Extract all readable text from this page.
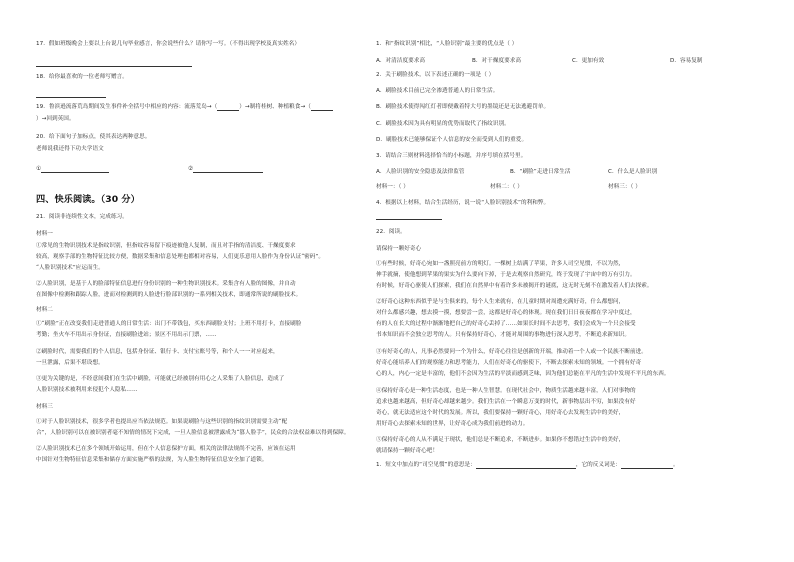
17．假如班级晚会上要以上台说几句毕业感言，你会说些什么？请你写一写。（不得出现学校及真实姓名）
18．给你最喜欢的一位老师写赠言。
19．鲁滨逊流落荒岛期间发生事件补全括号中相应的内容：流落荒岛→（	）→制将桂树、种植粮食→（
）→回到英国。
20．给下面句子加标点，使其表达两种意思。
老师说我还得下功夫学语文
①	②
四、快乐阅读。（30 分）
21．阅读非连续性文本，完成练习。
材料一
①常见的生物识别技术是指纹识别，但指纹容易留下痕迹被他人复制，而且对手指的清洁度、干燥度要求
较高，观察手部的生物特征比较方便，数据采集和信息处理也都相对容易，人们更乐意用人脸作为身份认证“密码”。
“人脸识别技术”应运而生。
②人脸识别，是基于人的脸部特征信息进行身份识别的一种生物识别技术。采集含有人脸的图像，并自动
在图像中检测和跟踪人脸，进而对检测到的人脸进行脸部识别的一系列相关技术，即通常所说的刷脸技术。
材料二
①“刷脸”正在改变我们走进普通人的日常生活：出门不带钱包，买东西刷脸支付；上班不用打卡，直接刷脸
考勤；坐火车不用出示身份证，直接刷脸进站；景区不用出示门票，……
②刷脸时代，需要我们的个人信息，包括身份证、银行卡、支付宝账号等，和个人一一对应起来，
一旦泄露，后果不堪设想。
③更为关键的是，不经意间我们在生活中刷脸，可能就已经被别有用心之人采集了人脸信息，造成了
人脸识别技术被利用来侵犯个人隐私……
材料三
①对于人脸识别技术，很多学者也提出应当依法规范。如果说刷脸与这些识别的指纹识别需要主动“配
合”，人脸识别可以在被识别者毫不知情的情况下完成，一旦人脸信息被泄露成为“篡人脸手”，民众的合法权益难以得到保障。
②人脸识别技术已在多个领域开始运用，但在个人信息保护方面，相关的法律法规尚不完善，应该在运用
中国针对生物特征信息采集和储存方面实施严格的法规，为人脸生物特征信息安全加了道锁。
1．和“指纹识别”相比，“人脸识别”最主要的优点是（ ）
A．对清洁度要求高	B．对干燥度要求高	C．更加有效	D．容易复制
2．关于刷脸技术，以下表述正确的一项是（ ）
A．刷脸技术目前已完全渗透普通人的日常生活。
B．刷脸技术使得闯红灯者即便戴着特大号的墨镜还是无法逃避罚单。
C．刷脸技术因为具有明显的优势而取代了指纹识别。
D．刷脸技术已能够保证个人信息的安全而受到人们的重爱。
3．请结合三则材料选择恰当的小标题，并序号填在括号里。
A．人脸识别的安全隐患及法律监管	B．“刷脸”走进日常生活	C．什么是人脸识别
材料一：（ ）	材料二：（ ）	材料三：（ ）
4．根据以上材料，结合生活经历，说一说“人脸识别技术”的利和弊。
22．阅读。
请保持一颗好奇心
①有些时候，好奇心宛如一盏照亮前方的明灯。一棵树上结满了苹果，许多人司空见惯，不以为然，
伸手就摘，使他想到苹果的果实为什么要向下掉，于是去观察自然研究，终于发现了宇宙中的万有引力。
有时候，好奇心驱使人们探索，我们在自然界中有着许多未被揭开的谜底，这无时无刻不在激发着人们去探索。
②好奇心这种东西似乎是与生俱来的，每个人生来就有，在儿童时期对周遭充满好奇，什么都想问，
对什么都感兴趣，想去摸一摸，想要尝一尝，这都是好奇心的体现。现在我们日日夜夜都在学习中度过，
有的人在长大的过程中渐渐地把自己的好奇心丢掉了……如果长时间不去思考，我们会成为一个只会接受
书本知识而不会独立思考的人。只有保持好奇心，才能对周围的事物进行深入思考，不断追求新知识。
③有好奇心的人，凡事必然要问一个为什么，好奇心往往是创新的开端，推动着一个人或一个民族不断前进。
好奇心能培养人们的观察能力和思考能力，人们在好奇心的驱使下，不断去探索未知的领域。一个拥有好奇
心的人，内心一定是丰富的，他们不会因为生活的平淡而感到乏味，因为他们总能在平凡的生活中发现不平凡的东西。
④保持好奇心是一种生活态度，也是一种人生智慧。在现代社会中，物质生活越来越丰富，人们对事物的
追求也越来越高，但好奇心却越来越少。我们生活在一个瞬息万变的时代，新事物层出不穷，如果没有好
奇心，就无法适应这个时代的发展。所以，我们要保持一颗好奇心，用好奇心去发现生活中的美好，
用好奇心去探索未知的世界，让好奇心成为我们前进的动力。
⑤保持好奇心的人从不满足于现状，他们总是不断追求，不断进步。如果你不想错过生活中的美好，
就请保持一颗好奇心吧！
1．短文中加点的“司空见惯”的意思是：	，它的反义词是：	。
